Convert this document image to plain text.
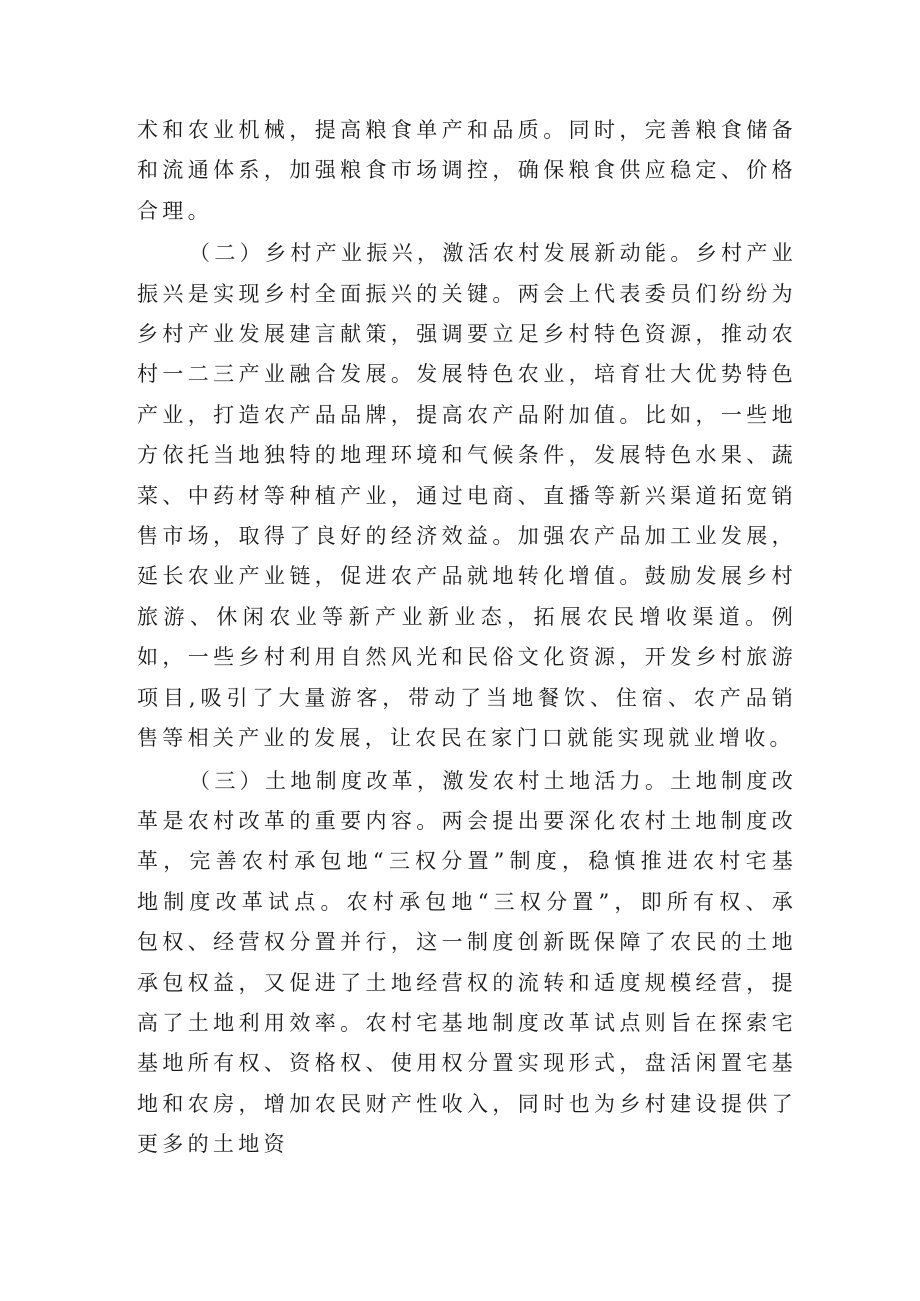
术和农业机械，提高粮食单产和品质。同时，完善粮食储备和流通体系，加强粮食市场调控，确保粮食供应稳定、价格合理。

（二）乡村产业振兴，激活农村发展新动能。乡村产业振兴是实现乡村全面振兴的关键。两会上代表委员们纷纷为乡村产业发展建言献策，强调要立足乡村特色资源，推动农村一二三产业融合发展。发展特色农业，培育壮大优势特色产业，打造农产品品牌，提高农产品附加值。比如，一些地方依托当地独特的地理环境和气候条件，发展特色水果、蔬菜、中药材等种植产业，通过电商、直播等新兴渠道拓宽销售市场，取得了良好的经济效益。加强农产品加工业发展，延长农业产业链，促进农产品就地转化增值。鼓励发展乡村旅游、休闲农业等新产业新业态，拓展农民增收渠道。例如，一些乡村利用自然风光和民俗文化资源，开发乡村旅游项目,吸引了大量游客，带动了当地餐饮、住宿、农产品销售等相关产业的发展，让农民在家门口就能实现就业增收。

（三）土地制度改革，激发农村土地活力。土地制度改革是农村改革的重要内容。两会提出要深化农村土地制度改革，完善农村承包地“三权分置”制度，稳慎推进农村宅基地制度改革试点。农村承包地“三权分置”，即所有权、承包权、经营权分置并行，这一制度创新既保障了农民的土地承包权益，又促进了土地经营权的流转和适度规模经营，提高了土地利用效率。农村宅基地制度改革试点则旨在探索宅基地所有权、资格权、使用权分置实现形式，盘活闲置宅基地和农房，增加农民财产性收入，同时也为乡村建设提供了更多的土地资
